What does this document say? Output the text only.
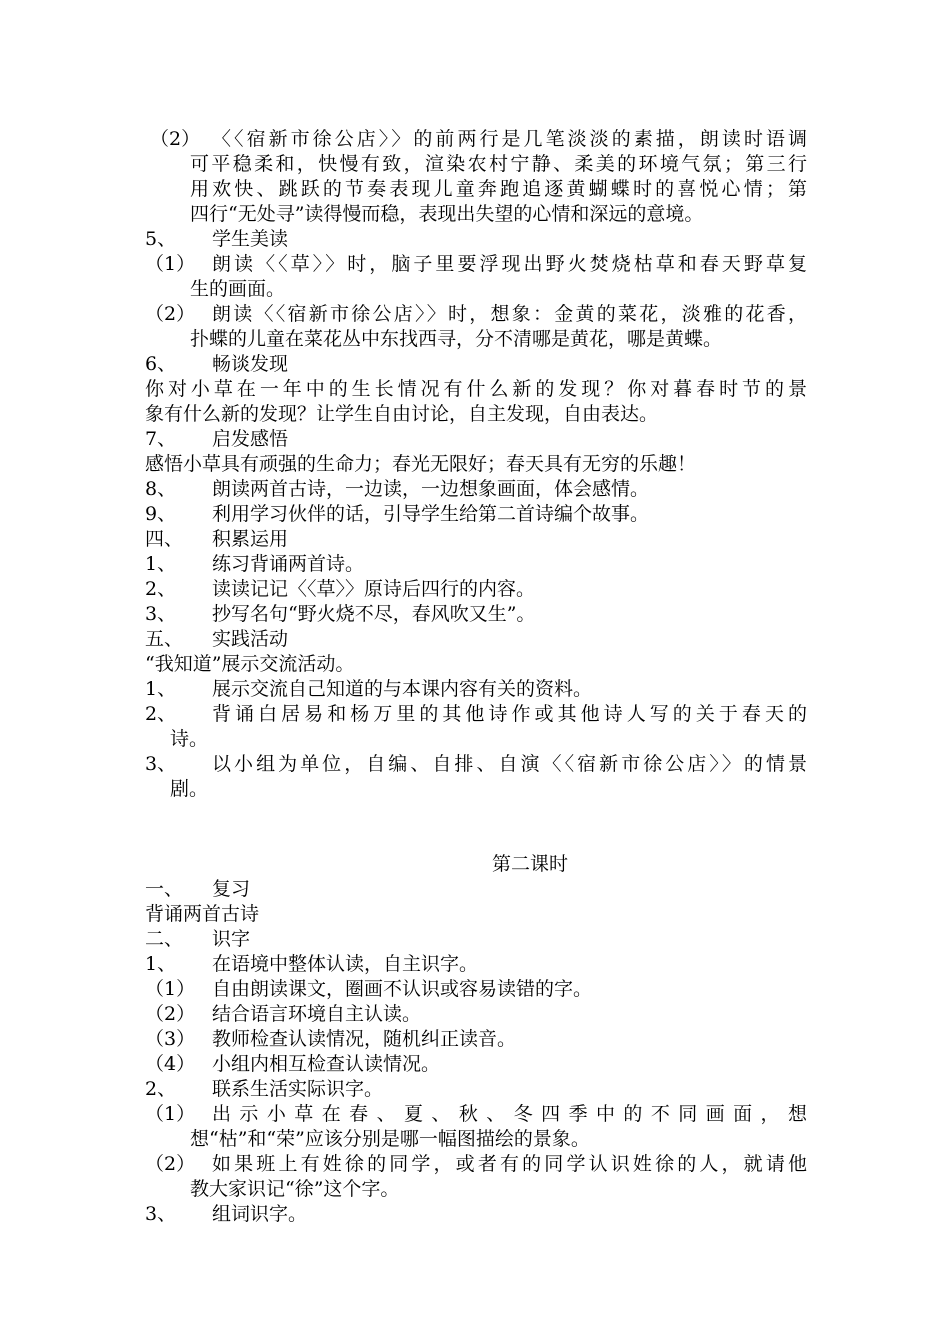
（2） 〈〈宿新市徐公店〉〉的前两行是几笔淡淡的素描，朗读时语调
可平稳柔和，快慢有致，渲染农村宁静、柔美的环境气氛；第三行
用欢快、跳跃的节奏表现儿童奔跑追逐黄蝴蝶时的喜悦心情；第
四行“无处寻”读得慢而稳，表现出失望的心情和深远的意境。
5、 学生美读
（1） 朗读〈〈草〉〉时，脑子里要浮现出野火焚烧枯草和春天野草复
生的画面。
（2） 朗读〈〈宿新市徐公店〉〉时，想象：金黄的菜花，淡雅的花香，
扑蝶的儿童在菜花丛中东找西寻，分不清哪是黄花，哪是黄蝶。
6、 畅谈发现
你对小草在一年中的生长情况有什么新的发现？你对暮春时节的景
象有什么新的发现？让学生自由讨论，自主发现，自由表达。
7、 启发感悟
感悟小草具有顽强的生命力；春光无限好；春天具有无穷的乐趣！
8、 朗读两首古诗，一边读，一边想象画面，体会感情。
9、 利用学习伙伴的话，引导学生给第二首诗编个故事。
四、 积累运用
1、 练习背诵两首诗。
2、 读读记记〈〈草〉〉原诗后四行的内容。
3、 抄写名句“野火烧不尽，春风吹又生”。
五、 实践活动
“我知道”展示交流活动。
1、 展示交流自己知道的与本课内容有关的资料。
2、 背诵白居易和杨万里的其他诗作或其他诗人写的关于春天的
诗。
3、 以小组为单位，自编、自排、自演〈〈宿新市徐公店〉〉的情景
剧。
第二课时
一、 复习
背诵两首古诗
二、 识字
1、 在语境中整体认读，自主识字。
（1） 自由朗读课文，圈画不认识或容易读错的字。
（2） 结合语言环境自主认读。
（3） 教师检查认读情况，随机纠正读音。
（4） 小组内相互检查认读情况。
2、 联系生活实际识字。
（1） 出示小草在春、夏、秋、冬四季中的不同画面，想
想“枯”和“荣”应该分别是哪一幅图描绘的景象。
（2） 如果班上有姓徐的同学，或者有的同学认识姓徐的人，就请他
教大家识记“徐”这个字。
3、 组词识字。
